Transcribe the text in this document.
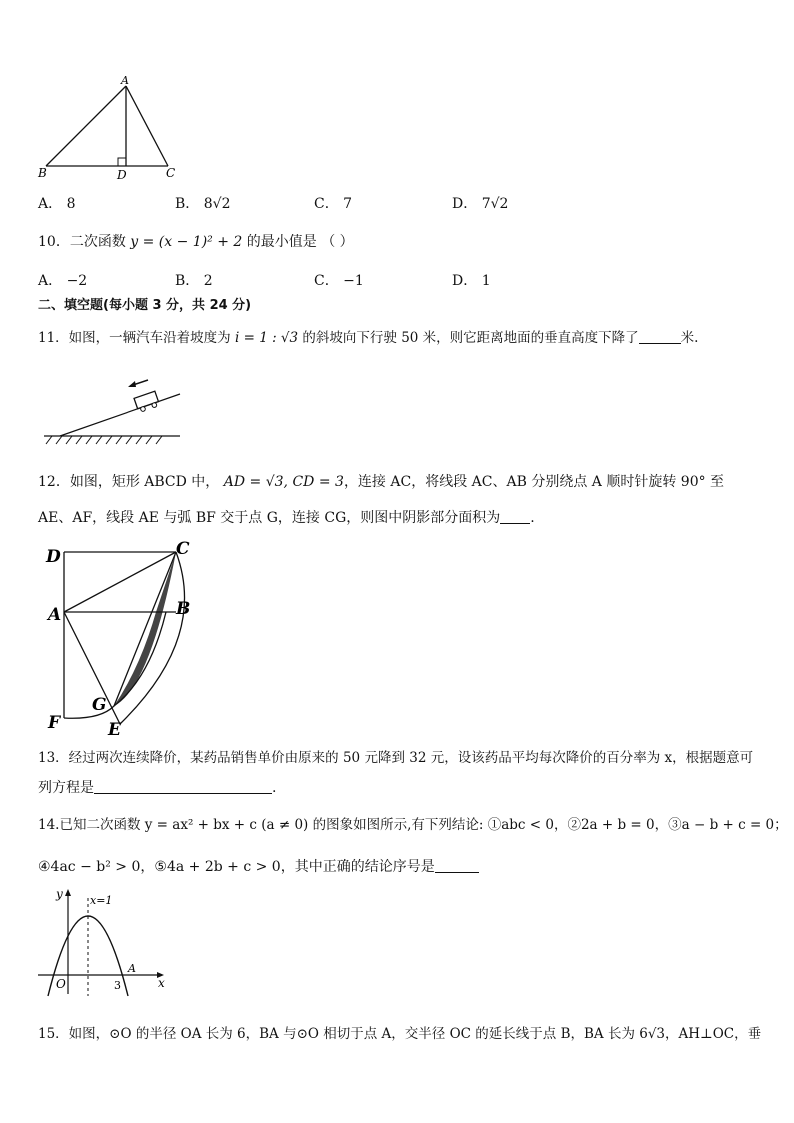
A
B	D	C
A． 8	B． 8√2	C． 7	D． 7√2
10．二次函数 y = (x − 1)² + 2 的最小值是 （ ）
A． −2	B． 2	C． −1	D． 1
二、填空题(每小题 3 分，共 24 分)
11．如图，一辆汽车沿着坡度为 i = 1 : √3 的斜坡向下行驶 50 米，则它距离地面的垂直高度下降了	米.
12．如图，矩形 ABCD 中， AD = √3, CD = 3，连接 AC，将线段 AC、AB 分别绕点 A 顺时针旋转 90° 至
AE、AF，线段 AE 与弧 BF 交于点 G，连接 CG，则图中阴影部分面积为 .
D	C
A	B
G
F	E
13．经过两次连续降价，某药品销售单价由原来的 50 元降到 32 元，设该药品平均每次降价的百分率为 x，根据题意可
列方程是	.
14.已知二次函数 y = ax² + bx + c (a ≠ 0) 的图象如图所示,有下列结论: ①abc < 0，②2a + b = 0，③a − b + c = 0；
④4ac − b² > 0，⑤4a + 2b + c > 0，其中正确的结论序号是
y x=1
O
A
3	x
15．如图，⊙O 的半径 OA 长为 6，BA 与⊙O 相切于点 A，交半径 OC 的延长线于点 B，BA 长为 6√3，AH⊥OC，垂
